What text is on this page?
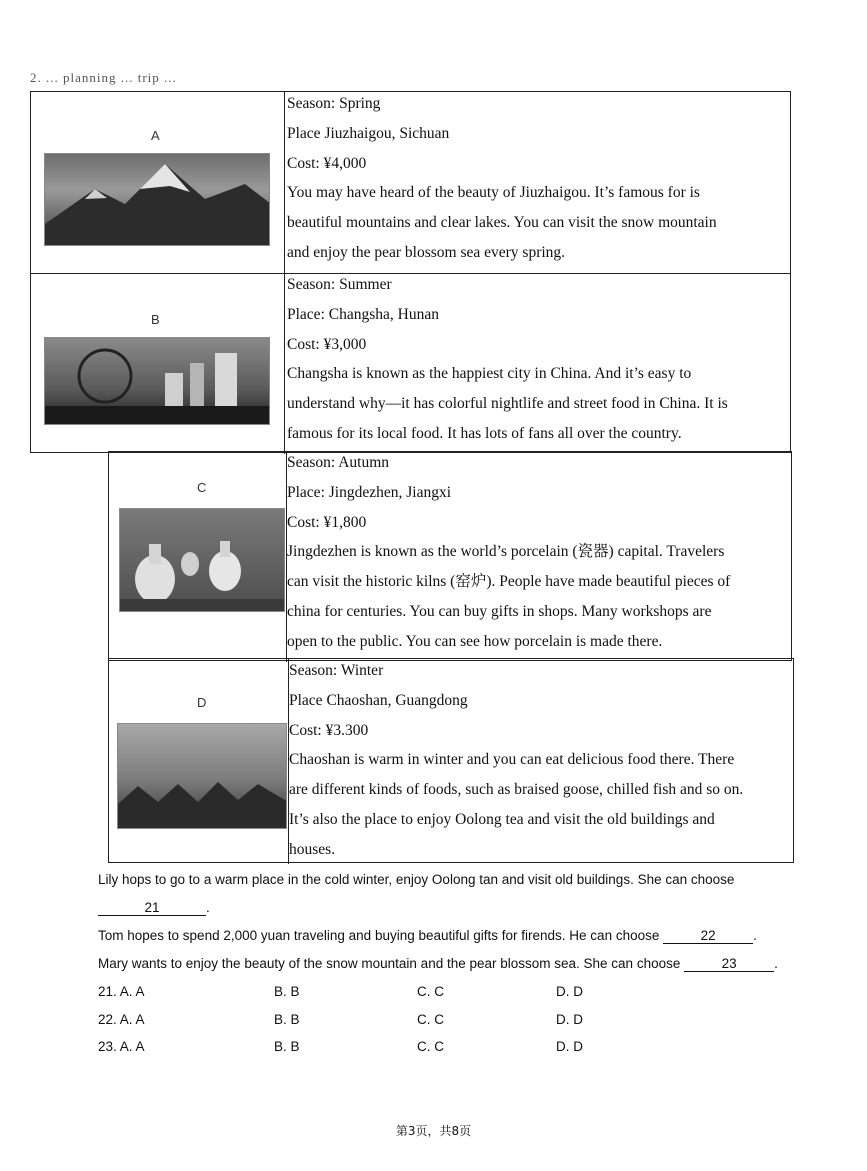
2. ... planning ... trip ...
A
Season: Spring
Place Jiuzhaigou, Sichuan
Cost: ¥4,000
You may have heard of the beauty of Jiuzhaigou. It’s famous for is
beautiful mountains and clear lakes. You can visit the snow mountain
and enjoy the pear blossom sea every spring.
B
Season: Summer
Place: Changsha, Hunan
Cost: ¥3,000
Changsha is known as the happiest city in China. And it’s easy to
understand why—it has colorful nightlife and street food in China. It is
famous for its local food. It has lots of fans all over the country.
C
Season: Autumn
Place: Jingdezhen, Jiangxi
Cost: ¥1,800
Jingdezhen is known as the world’s porcelain (瓷器) capital. Travelers
can visit the historic kilns (窑炉). People have made beautiful pieces of
china for centuries. You can buy gifts in shops. Many workshops are
open to the public. You can see how porcelain is made there.
D
Season: Winter
Place Chaoshan, Guangdong
Cost: ¥3.300
Chaoshan is warm in winter and you can eat delicious food there. There
are different kinds of foods, such as braised goose, chilled fish and so on.
It’s also the place to enjoy Oolong tea and visit the old buildings and
houses.
Lily hops to go to a warm place in the cold winter, enjoy Oolong tan and visit old buildings. She can choose
21	.
Tom hopes to spend 2,000 yuan traveling and buying beautiful gifts for firends. He can choose	22	.
Mary wants to enjoy the beauty of the snow mountain and the pear blossom sea. She can choose	23	.
21. A. A	B. B	C. C	D. D
22. A. A	B. B	C. C	D. D
23. A. A	B. B	C. C	D. D
第3页，共8页
